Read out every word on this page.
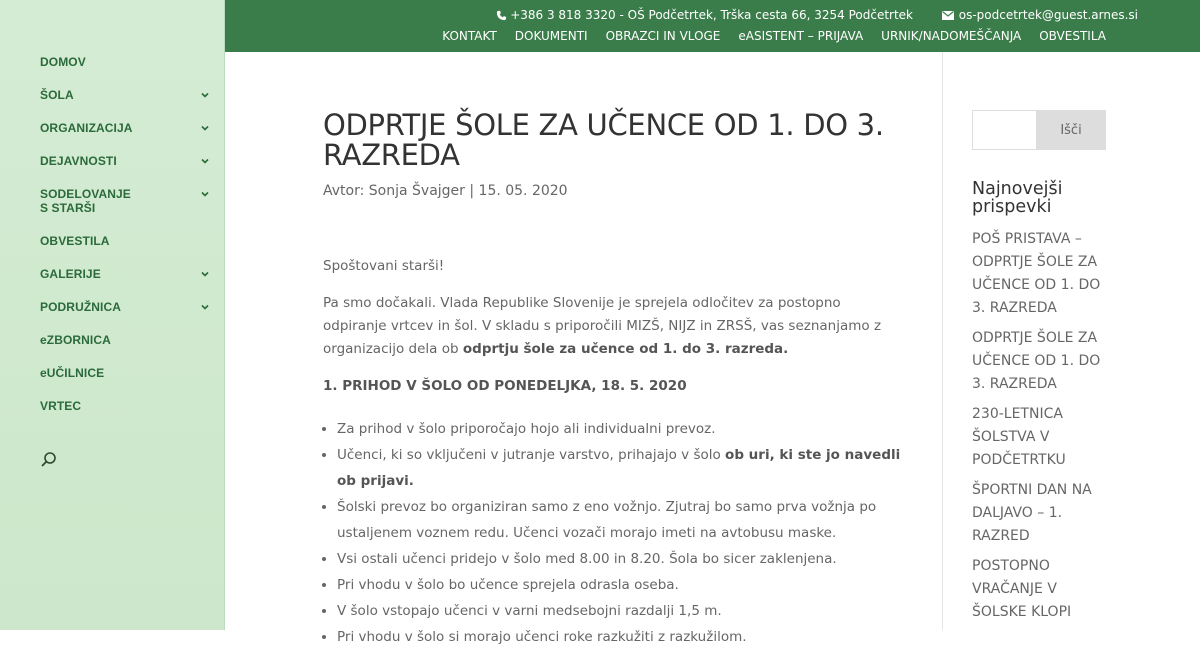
DOMOV
ŠOLA
ORGANIZACIJA
DEJAVNOSTI
SODELOVANJE S STARŠI
OBVESTILA
GALERIJE
PODRUŽNICA
eZBORNICA
eUČILNICE
VRTEC
+386 3 818 3320 - OŠ Podčetrtek, Trška cesta 66, 3254 Podčetrtek	os-podcetrtek@guest.arnes.si
KONTAKT DOKUMENTI OBRAZCI IN VLOGE eASISTENT – PRIJAVA URNIK/NADOMEŠČANJA OBVESTILA
ODPRTJE ŠOLE ZA UČENCE OD 1. DO 3. RAZREDA
Avtor: Sonja Švajger | 15. 05. 2020

Spoštovani starši!

Pa smo dočakali. Vlada Republike Slovenije je sprejela odločitev za postopno odpiranje vrtcev in šol. V skladu s priporočili MIZŠ, NIJZ in ZRSŠ, vas seznanjamo z organizacijo dela ob odprtju šole za učence od 1. do 3. razreda.

1. PRIHOD V ŠOLO OD PONEDELJKA, 18. 5. 2020

• Za prihod v šolo priporočajo hojo ali individualni prevoz.
• Učenci, ki so vključeni v jutranje varstvo, prihajajo v šolo ob uri, ki ste jo navedli ob prijavi.
• Šolski prevoz bo organiziran samo z eno vožnjo. Zjutraj bo samo prva vožnja po ustaljenem voznem redu. Učenci vozači morajo imeti na avtobusu maske.
• Vsi ostali učenci pridejo v šolo med 8.00 in 8.20. Šola bo sicer zaklenjena.
• Pri vhodu v šolo bo učence sprejela odrasla oseba.
• V šolo vstopajo učenci v varni medsebojni razdalji 1,5 m.
• Pri vhodu v šolo si morajo učenci roke razkužiti z razkužilom.
Išči
Najnovejši prispevki
POŠ PRISTAVA – ODPRTJE ŠOLE ZA UČENCE OD 1. DO 3. RAZREDA
ODPRTJE ŠOLE ZA UČENCE OD 1. DO 3. RAZREDA
230-LETNICA ŠOLSTVA V PODČETRTKU
ŠPORTNI DAN NA DALJAVO – 1. RAZRED
POSTOPNO VRAČANJE V ŠOLSKE KLOPI
